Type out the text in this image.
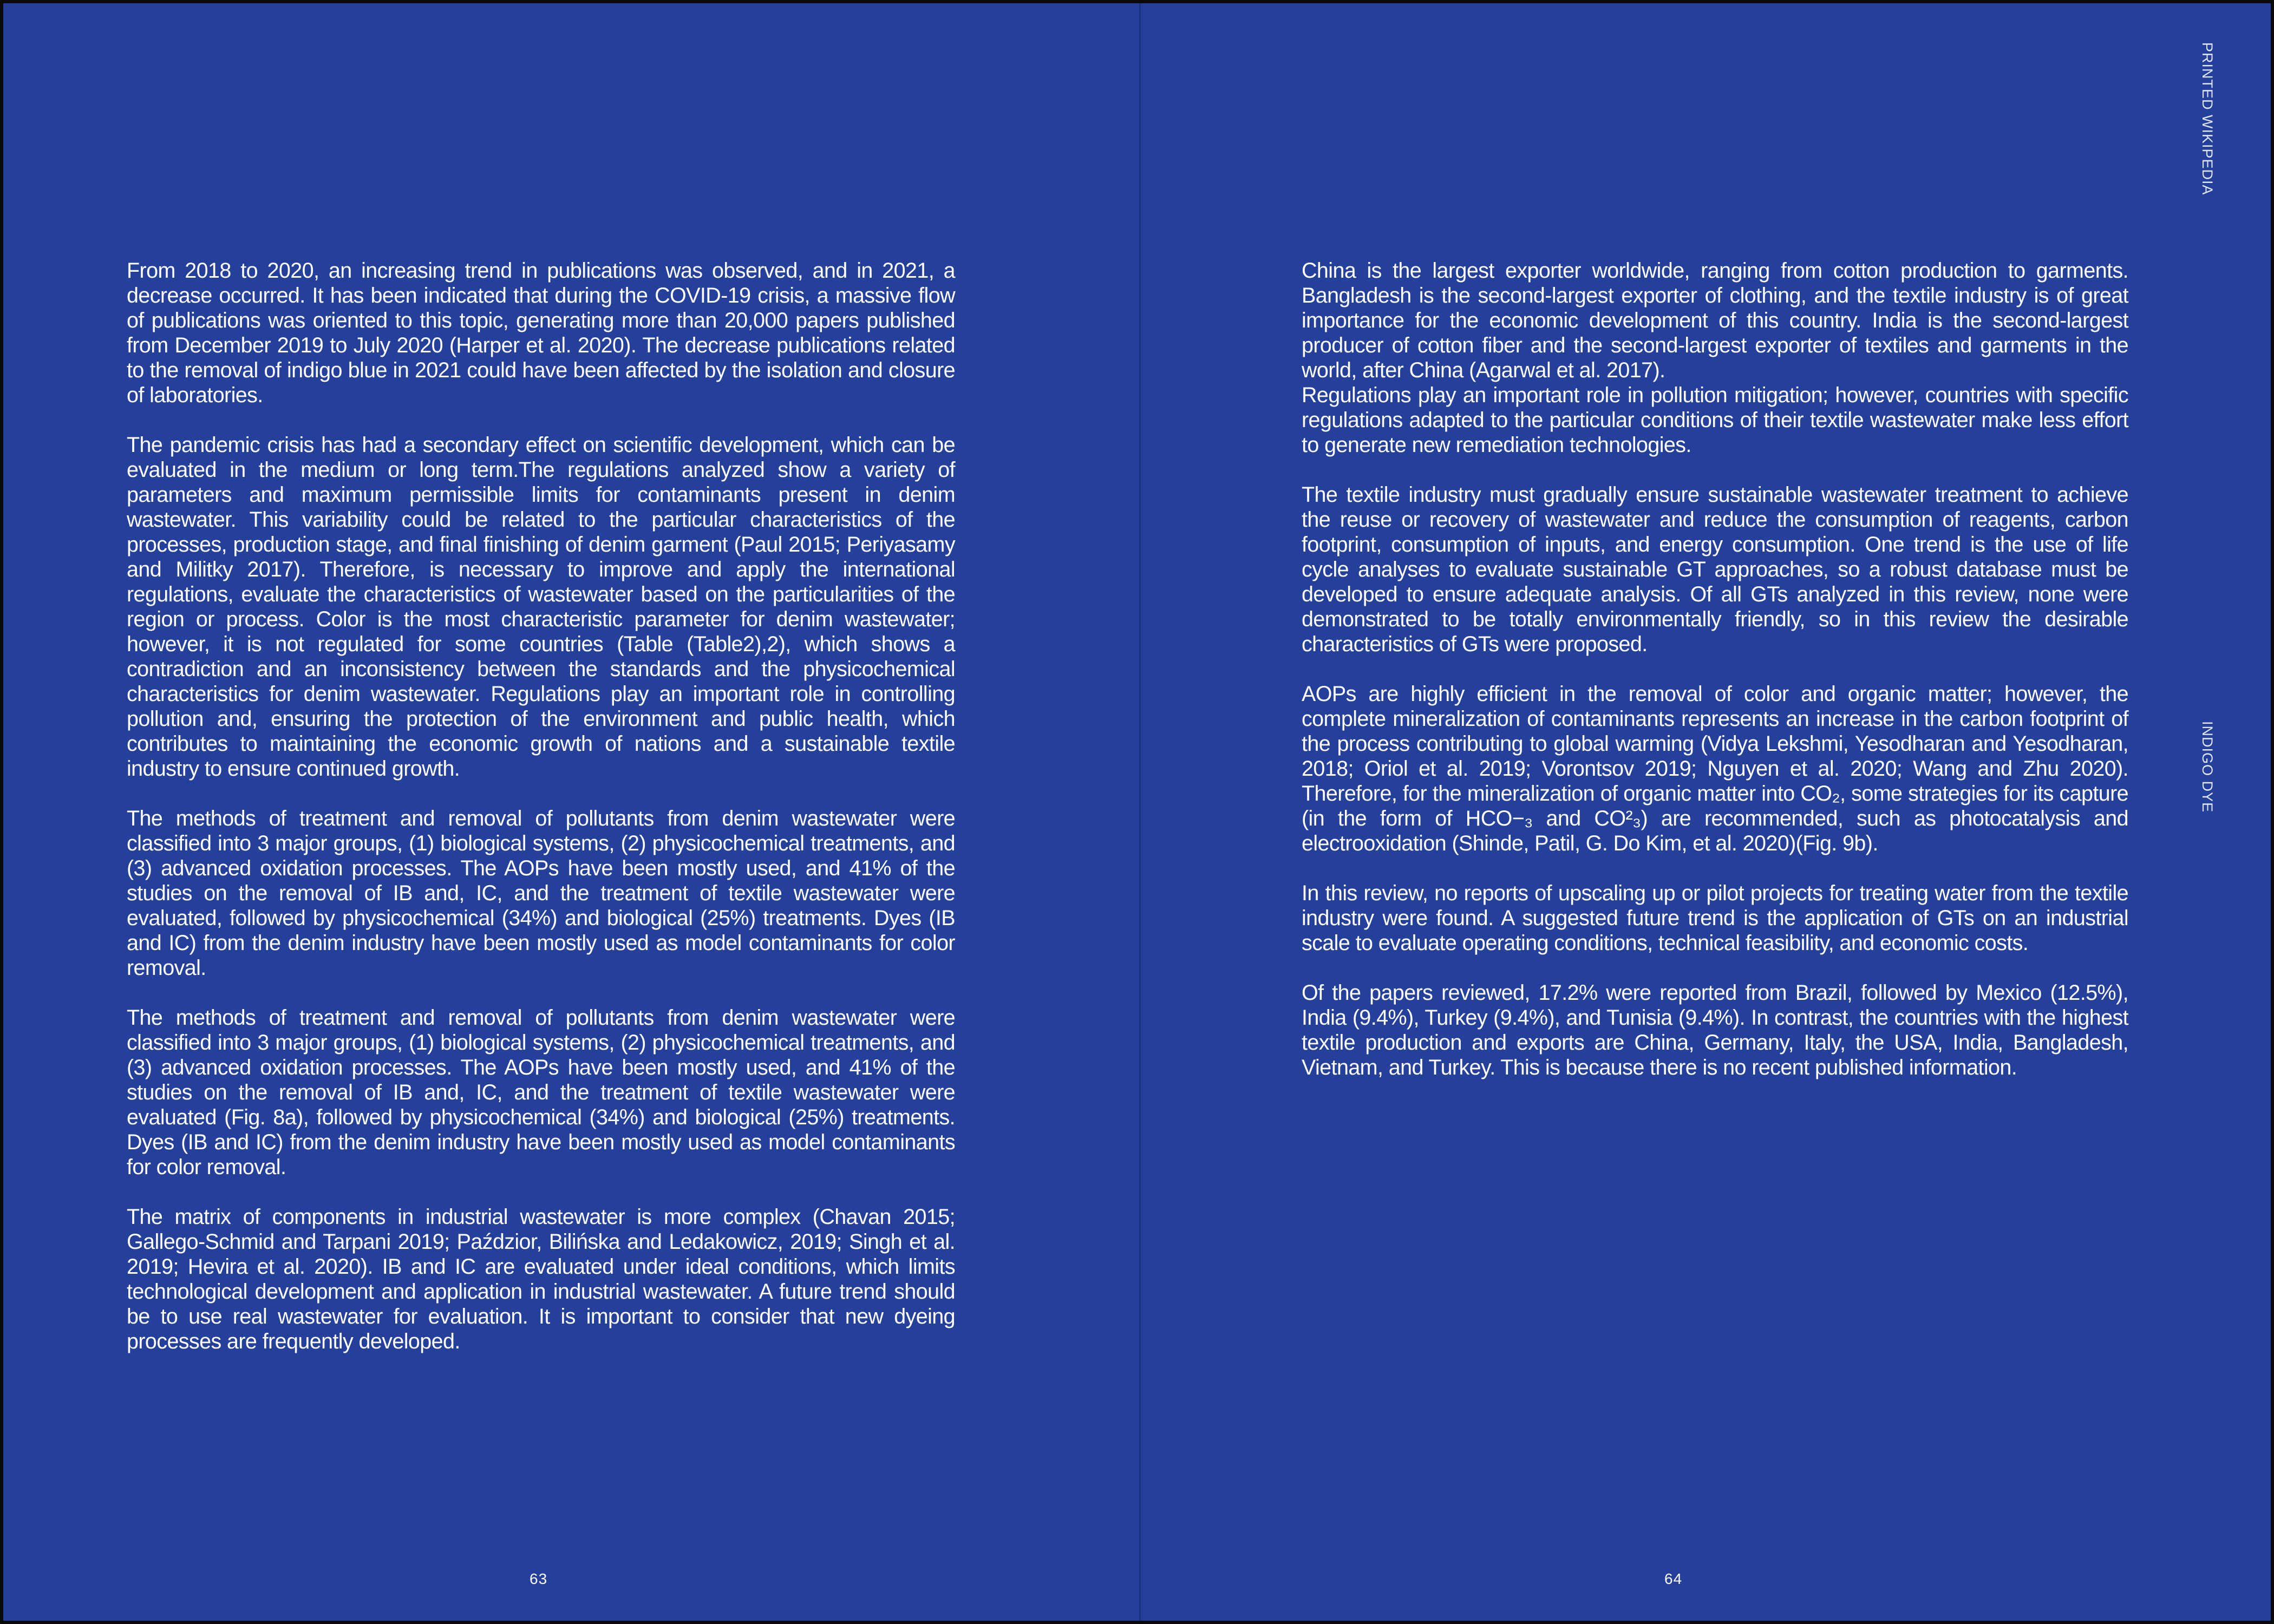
From 2018 to 2020, an increasing trend in publications was observed, and in 2021, a decrease occurred. It has been indicated that during the COVID-19 crisis, a massive flow of publications was oriented to this topic, generating more than 20,000 papers published from December 2019 to July 2020 (Harper et al. 2020). The decrease publications related to the removal of indigo blue in 2021 could have been affected by the isolation and closure of laboratories.

The pandemic crisis has had a secondary effect on scientific development, which can be evaluated in the medium or long term.The regulations analyzed show a variety of parameters and maximum permissible limits for contaminants present in denim wastewater. This variability could be related to the particular characteristics of the processes, production stage, and final finishing of denim garment (Paul 2015; Periyasamy and Militky 2017). Therefore, is necessary to improve and apply the international regulations, evaluate the characteristics of wastewater based on the particularities of the region or process. Color is the most characteristic parameter for denim wastewater; however, it is not regulated for some countries (Table (Table2),2), which shows a contradiction and an inconsistency between the standards and the physicochemical characteristics for denim wastewater. Regulations play an important role in controlling pollution and, ensuring the protection of the environment and public health, which contributes to maintaining the economic growth of nations and a sustainable textile industry to ensure continued growth.

The methods of treatment and removal of pollutants from denim wastewater were classified into 3 major groups, (1) biological systems, (2) physicochemical treatments, and (3) advanced oxidation processes. The AOPs have been mostly used, and 41% of the studies on the removal of IB and, IC, and the treatment of textile wastewater were evaluated, followed by physicochemical (34%) and biological (25%) treatments. Dyes (IB and IC) from the denim industry have been mostly used as model contaminants for color removal.

The methods of treatment and removal of pollutants from denim wastewater were classified into 3 major groups, (1) biological systems, (2) physicochemical treatments, and (3) advanced oxidation processes. The AOPs have been mostly used, and 41% of the studies on the removal of IB and, IC, and the treatment of textile wastewater were evaluated (Fig. 8a), followed by physicochemical (34%) and biological (25%) treatments. Dyes (IB and IC) from the denim industry have been mostly used as model contaminants for color removal.

The matrix of components in industrial wastewater is more complex (Chavan 2015; Gallego-Schmid and Tarpani 2019; Paździor, Bilińska and Ledakowicz, 2019; Singh et al. 2019; Hevira et al. 2020). IB and IC are evaluated under ideal conditions, which limits technological development and application in industrial wastewater. A future trend should be to use real wastewater for evaluation. It is important to consider that new dyeing processes are frequently developed.

63

China is the largest exporter worldwide, ranging from cotton production to garments. Bangladesh is the second-largest exporter of clothing, and the textile industry is of great importance for the economic development of this country. India is the second-largest producer of cotton fiber and the second-largest exporter of textiles and garments in the world, after China (Agarwal et al. 2017).

Regulations play an important role in pollution mitigation; however, countries with specific regulations adapted to the particular conditions of their textile wastewater make less effort to generate new remediation technologies.

The textile industry must gradually ensure sustainable wastewater treatment to achieve the reuse or recovery of wastewater and reduce the consumption of reagents, carbon footprint, consumption of inputs, and energy consumption. One trend is the use of life cycle analyses to evaluate sustainable GT approaches, so a robust database must be developed to ensure adequate analysis. Of all GTs analyzed in this review, none were demonstrated to be totally environmentally friendly, so in this review the desirable characteristics of GTs were proposed.

AOPs are highly efficient in the removal of color and organic matter; however, the complete mineralization of contaminants represents an increase in the carbon footprint of the process contributing to global warming (Vidya Lekshmi, Yesodharan and Yesodharan, 2018; Oriol et al. 2019; Vorontsov 2019; Nguyen et al. 2020; Wang and Zhu 2020). Therefore, for the mineralization of organic matter into CO₂, some strategies for its capture (in the form of HCO−₃ and CO²₃) are recommended, such as photocatalysis and electrooxidation (Shinde, Patil, G. Do Kim, et al. 2020)(Fig. 9b).

In this review, no reports of upscaling up or pilot projects for treating water from the textile industry were found. A suggested future trend is the application of GTs on an industrial scale to evaluate operating conditions, technical feasibility, and economic costs.

Of the papers reviewed, 17.2% were reported from Brazil, followed by Mexico (12.5%), India (9.4%), Turkey (9.4%), and Tunisia (9.4%). In contrast, the countries with the highest textile production and exports are China, Germany, Italy, the USA, India, Bangladesh, Vietnam, and Turkey. This is because there is no recent published information.

64
PRINTED WIKIPEDIA
INDIGO DYE
